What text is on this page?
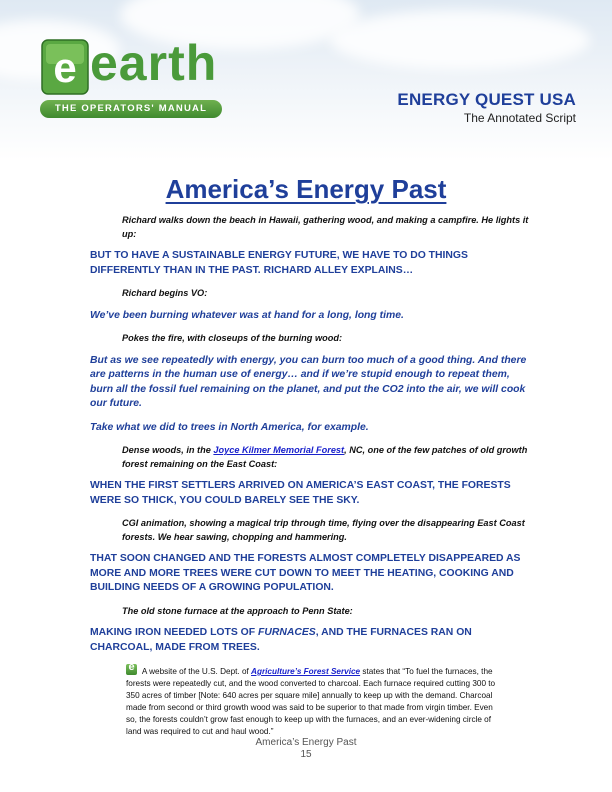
e earth
THE OPERATORS' MANUAL	ENERGY QUEST USA
The Annotated Script
America’s Energy Past

Richard walks down the beach in Hawaii, gathering wood, and making a campfire. He lights it up:

BUT TO HAVE A SUSTAINABLE ENERGY FUTURE, WE HAVE TO DO THINGS DIFFERENTLY THAN IN THE PAST. RICHARD ALLEY EXPLAINS…

Richard begins VO:

We’ve been burning whatever was at hand for a long, long time.

Pokes the fire, with closeups of the burning wood:

But as we see repeatedly with energy, you can burn too much of a good thing. And there are patterns in the human use of energy… and if we’re stupid enough to repeat them, burn all the fossil fuel remaining on the planet, and put the CO2 into the air, we will cook our future.

Take what we did to trees in North America, for example.

Dense woods, in the Joyce Kilmer Memorial Forest, NC, one of the few patches of old growth forest remaining on the East Coast:

WHEN THE FIRST SETTLERS ARRIVED ON AMERICA’S EAST COAST, THE FORESTS WERE SO THICK, YOU COULD BARELY SEE THE SKY.

CGI animation, showing a magical trip through time, flying over the disappearing East Coast forests. We hear sawing, chopping and hammering.

THAT SOON CHANGED AND THE FORESTS ALMOST COMPLETELY DISAPPEARED AS MORE AND MORE TREES WERE CUT DOWN TO MEET THE HEATING, COOKING AND BUILDING NEEDS OF A GROWING POPULATION.

The old stone furnace at the approach to Penn State:

MAKING IRON NEEDED LOTS OF FURNACES, AND THE FURNACES RAN ON CHARCOAL, MADE FROM TREES.

e A website of the U.S. Dept. of Agriculture’s Forest Service states that “To fuel the furnaces, the forests were repeatedly cut, and the wood converted to charcoal. Each furnace required cutting 300 to 350 acres of timber [Note: 640 acres per square mile] annually to keep up with the demand. Charcoal made from second or third growth wood was said to be superior to that made from virgin timber. Even so, the forests couldn’t grow fast enough to keep up with the furnaces, and an ever-widening circle of land was required to cut and haul wood.”
America’s Energy Past
15
